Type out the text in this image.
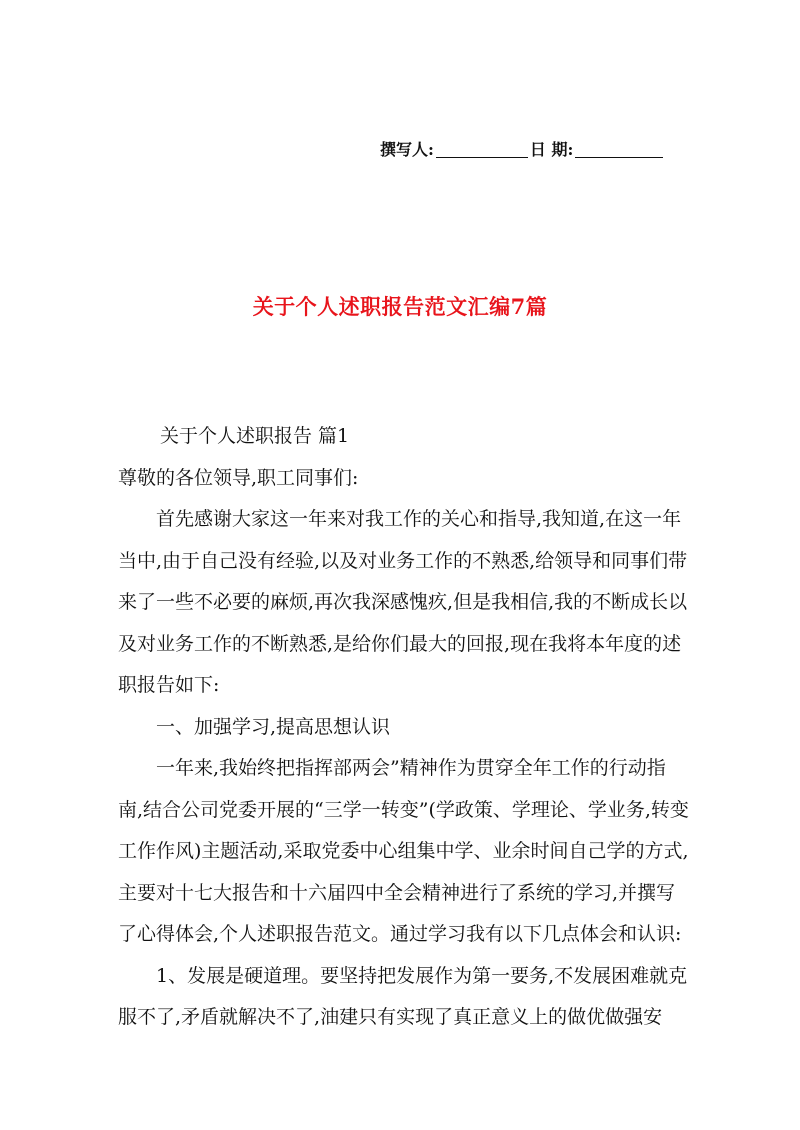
撰写人:	日 期:
关于个人述职报告范文汇编7篇

关于个人述职报告 篇1

尊敬的各位领导,职工同事们:

首先感谢大家这一年来对我工作的关心和指导,我知道,在这一年当中,由于自己没有经验,以及对业务工作的不熟悉,给领导和同事们带来了一些不必要的麻烦,再次我深感愧疚,但是我相信,我的不断成长以及对业务工作的不断熟悉,是给你们最大的回报,现在我将本年度的述职报告如下:

一、加强学习,提高思想认识

一年来,我始终把指挥部两会”精神作为贯穿全年工作的行动指南,结合公司党委开展的“三学一转变”(学政策、学理论、学业务,转变工作作风)主题活动,采取党委中心组集中学、业余时间自己学的方式,主要对十七大报告和十六届四中全会精神进行了系统的学习,并撰写了心得体会,个人述职报告范文。通过学习我有以下几点体会和认识:

1、发展是硬道理。要坚持把发展作为第一要务,不发展困难就克服不了,矛盾就解决不了,油建只有实现了真正意义上的做优做强安
